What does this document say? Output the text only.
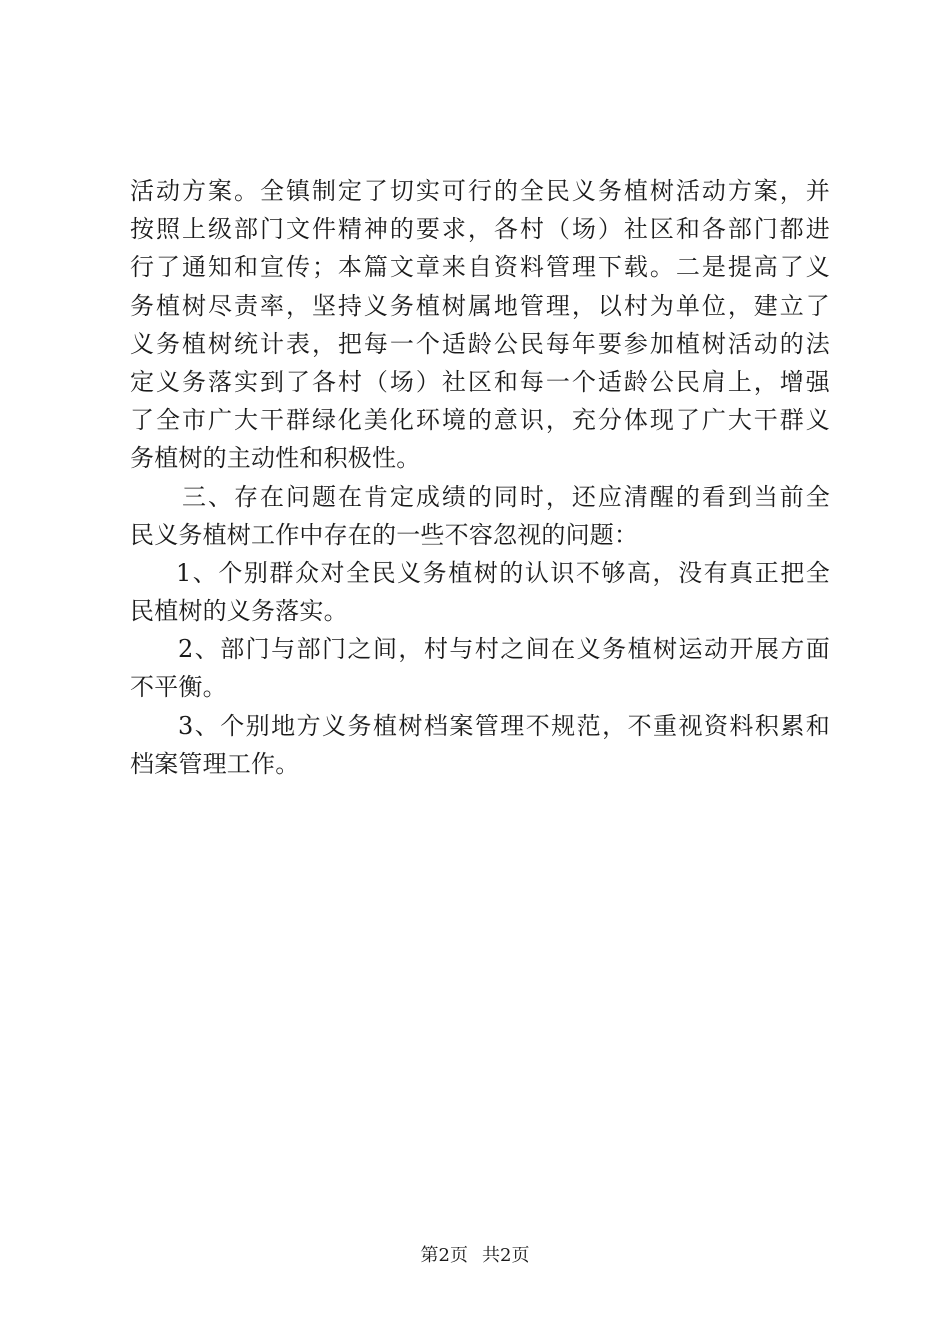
活动方案。全镇制定了切实可行的全民义务植树活动方案，并
按照上级部门文件精神的要求，各村（场）社区和各部门都进
行了通知和宣传；本篇文章来自资料管理下载。二是提高了义
务植树尽责率，坚持义务植树属地管理，以村为单位，建立了
义务植树统计表，把每一个适龄公民每年要参加植树活动的法
定义务落实到了各村（场）社区和每一个适龄公民肩上，增强
了全市广大干群绿化美化环境的意识，充分体现了广大干群义
务植树的主动性和积极性。
三、存在问题在肯定成绩的同时，还应清醒的看到当前全
民义务植树工作中存在的一些不容忽视的问题：
1、个别群众对全民义务植树的认识不够高，没有真正把全
民植树的义务落实。
2、部门与部门之间，村与村之间在义务植树运动开展方面
不平衡。
3、个别地方义务植树档案管理不规范，不重视资料积累和
档案管理工作。
第2页 共2页
